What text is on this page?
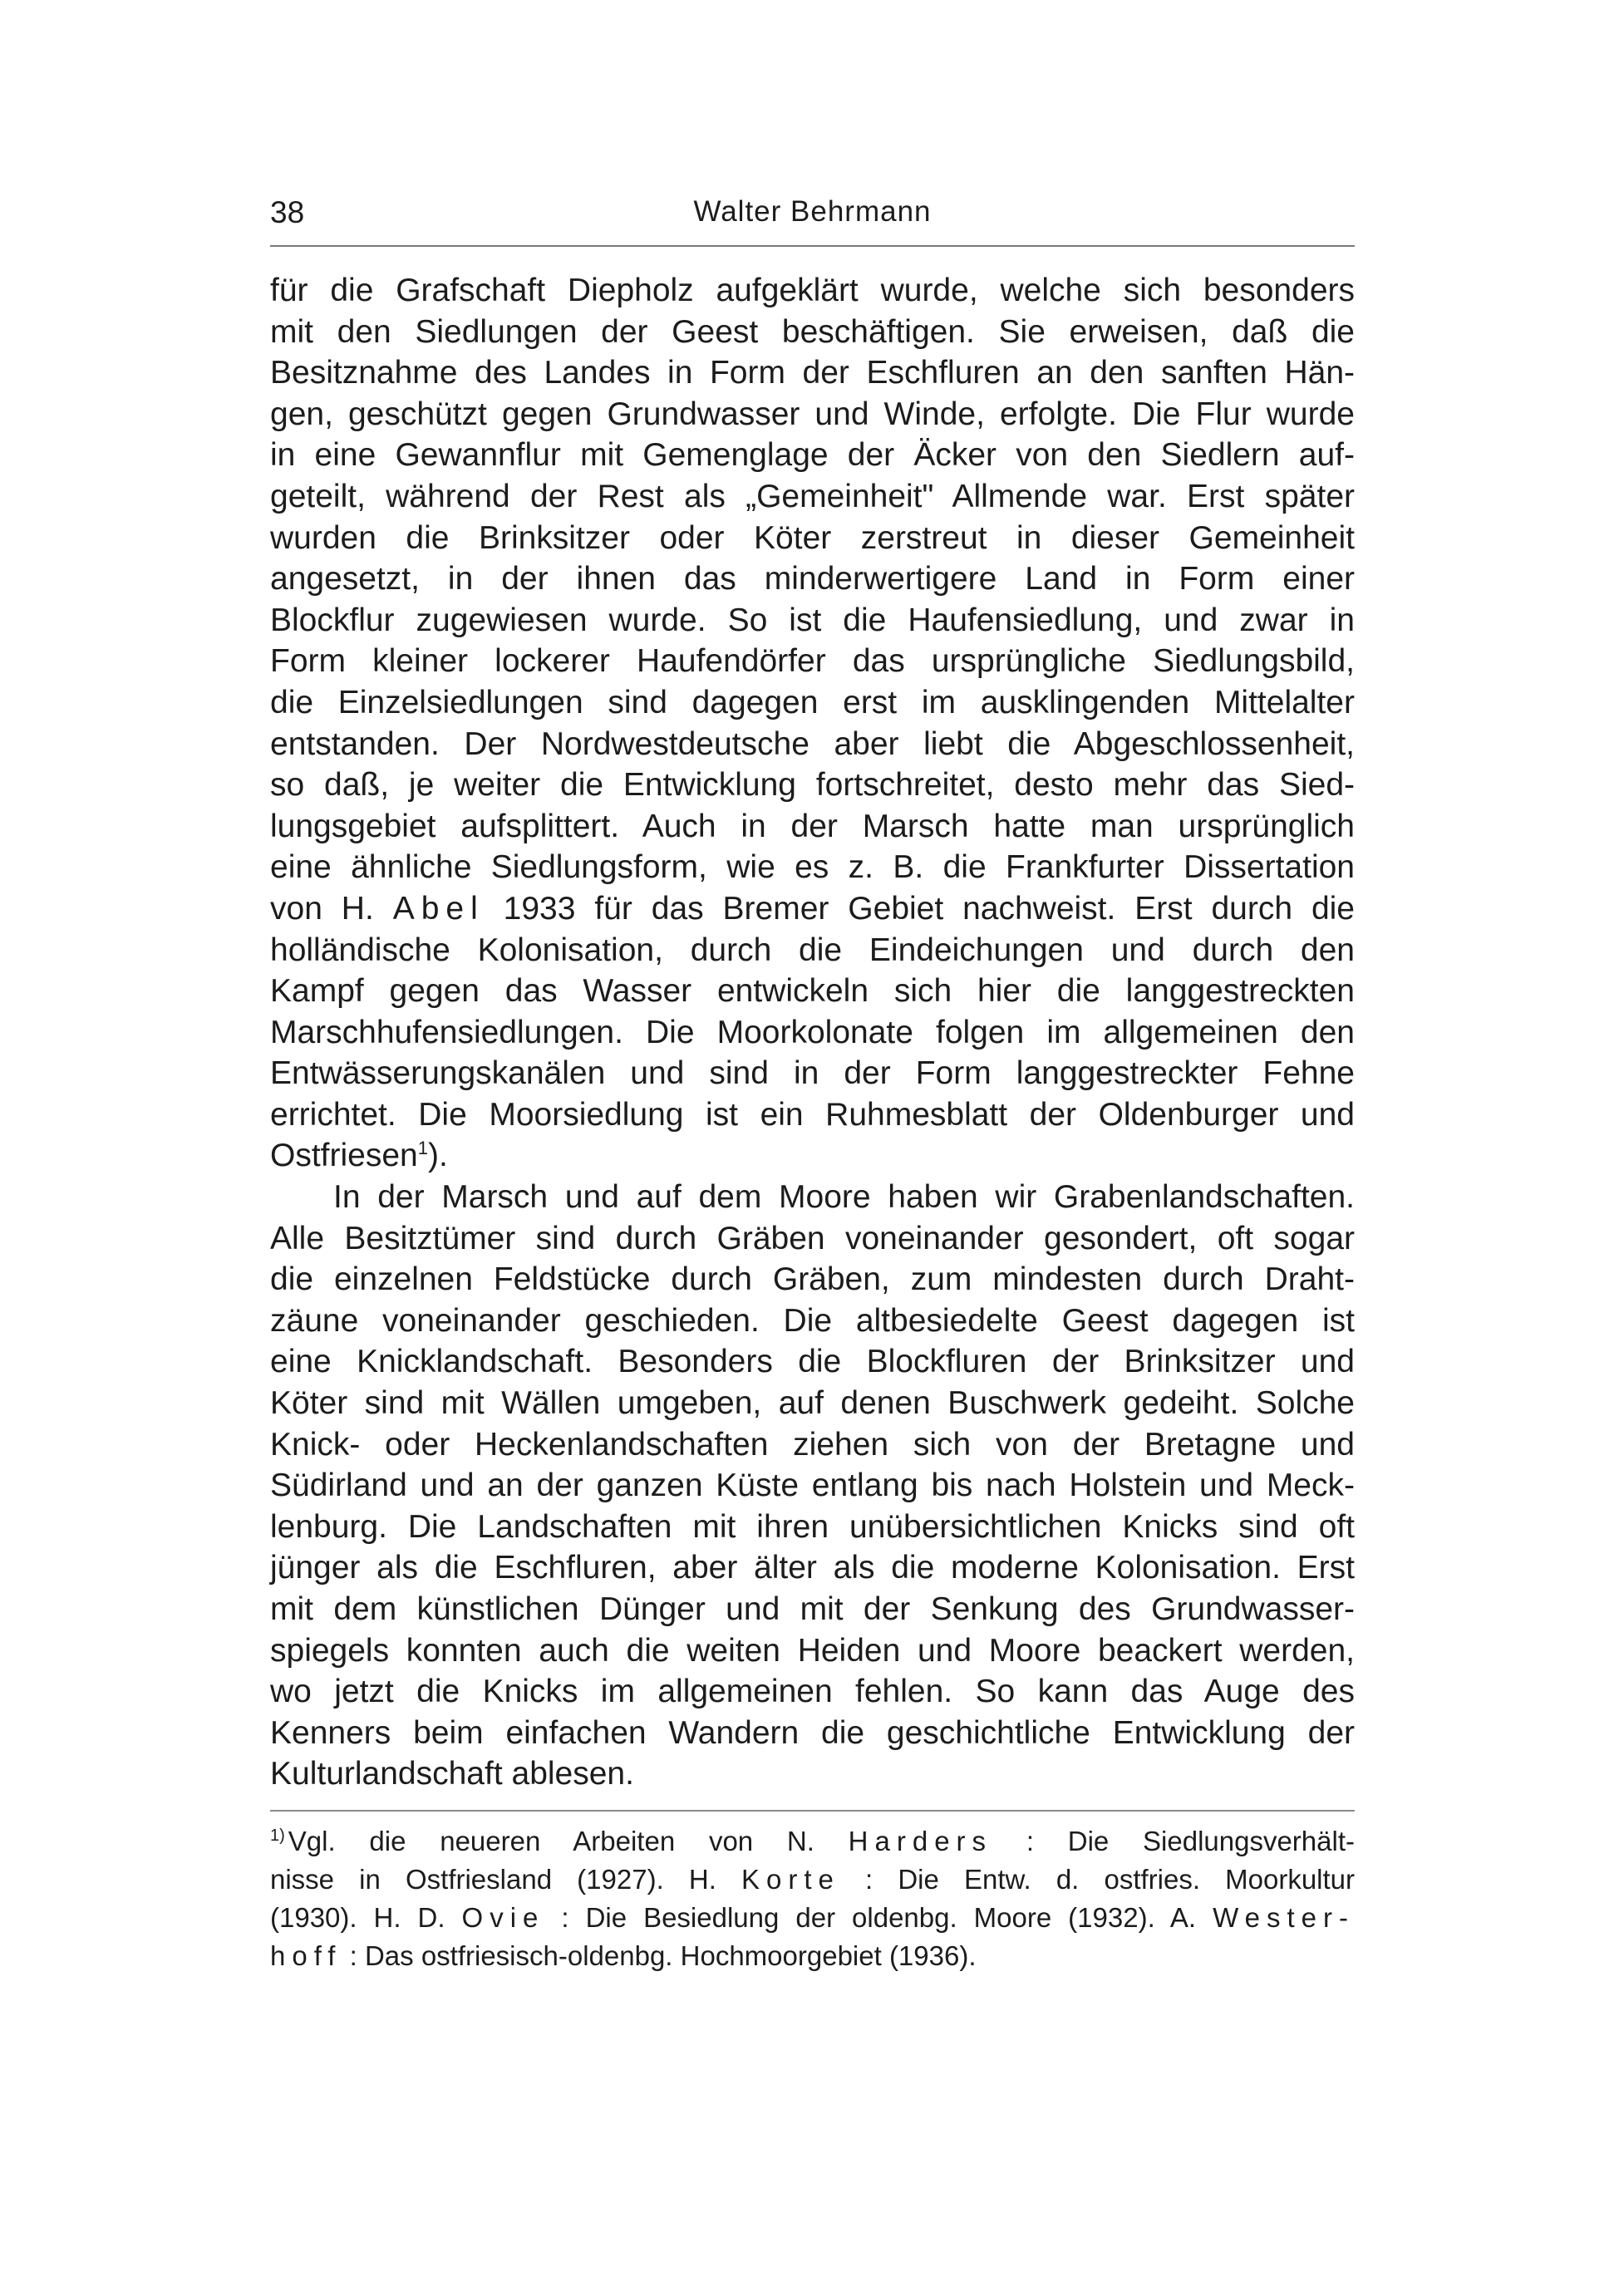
38	Walter Behrmann
für die Grafschaft Diepholz aufgeklärt wurde, welche sich besonders
mit den Siedlungen der Geest beschäftigen. Sie erweisen, daß die
Besitznahme des Landes in Form der Eschfluren an den sanften Hän-
gen, geschützt gegen Grundwasser und Winde, erfolgte. Die Flur wurde
in eine Gewannflur mit Gemenglage der Äcker von den Siedlern auf-
geteilt, während der Rest als „Gemeinheit" Allmende war. Erst später
wurden die Brinksitzer oder Köter zerstreut in dieser Gemeinheit
angesetzt, in der ihnen das minderwertigere Land in Form einer
Blockflur zugewiesen wurde. So ist die Haufensiedlung, und zwar in
Form kleiner lockerer Haufendörfer das ursprüngliche Siedlungsbild,
die Einzelsiedlungen sind dagegen erst im ausklingenden Mittelalter
entstanden. Der Nordwestdeutsche aber liebt die Abgeschlossenheit,
so daß, je weiter die Entwicklung fortschreitet, desto mehr das Sied-
lungsgebiet aufsplittert. Auch in der Marsch hatte man ursprünglich
eine ähnliche Siedlungsform, wie es z. B. die Frankfurter Dissertation
von H. Abel 1933 für das Bremer Gebiet nachweist. Erst durch die
holländische Kolonisation, durch die Eindeichungen und durch den
Kampf gegen das Wasser entwickeln sich hier die langgestreckten
Marschhufensiedlungen. Die Moorkolonate folgen im allgemeinen den
Entwässerungskanälen und sind in der Form langgestreckter Fehne
errichtet. Die Moorsiedlung ist ein Ruhmesblatt der Oldenburger und
Ostfriesen$^1$).
In der Marsch und auf dem Moore haben wir Grabenlandschaften.
Alle Besitztümer sind durch Gräben voneinander gesondert, oft sogar
die einzelnen Feldstücke durch Gräben, zum mindesten durch Draht-
zäune voneinander geschieden. Die altbesiedelte Geest dagegen ist
eine Knicklandschaft. Besonders die Blockfluren der Brinksitzer und
Köter sind mit Wällen umgeben, auf denen Buschwerk gedeiht. Solche
Knick- oder Heckenlandschaften ziehen sich von der Bretagne und
Südirland und an der ganzen Küste entlang bis nach Holstein und Meck-
lenburg. Die Landschaften mit ihren unübersichtlichen Knicks sind oft
jünger als die Eschfluren, aber älter als die moderne Kolonisation. Erst
mit dem künstlichen Dünger und mit der Senkung des Grundwasser-
spiegels konnten auch die weiten Heiden und Moore beackert werden,
wo jetzt die Knicks im allgemeinen fehlen. So kann das Auge des
Kenners beim einfachen Wandern die geschichtliche Entwicklung der
Kulturlandschaft ablesen.
$^{1)}$ Vgl. die neueren Arbeiten von N. Harders : Die Siedlungsverhält-
nisse in Ostfriesland (1927). H. Korte : Die Entw. d. ostfries. Moorkultur
(1930). H. D. Ovie : Die Besiedlung der oldenbg. Moore (1932). A. Wester-
hoff : Das ostfriesisch-oldenbg. Hochmoorgebiet (1936).
